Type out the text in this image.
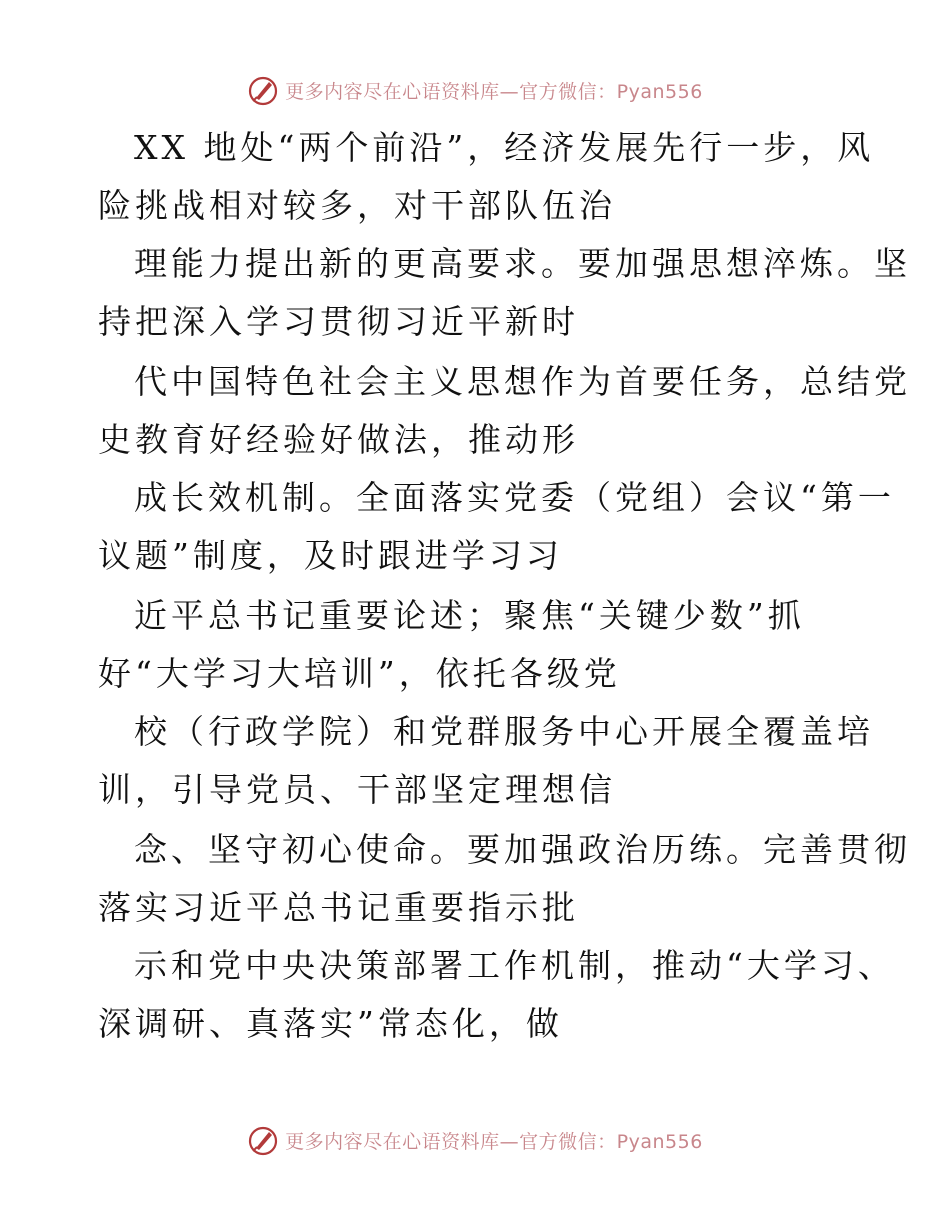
更多内容尽在心语资料库—官方微信：Pyan556
XX 地处“两个前沿”，经济发展先行一步，风
险挑战相对较多，对干部队伍治
理能力提出新的更高要求。要加强思想淬炼。坚
持把深入学习贯彻习近平新时
代中国特色社会主义思想作为首要任务，总结党
史教育好经验好做法，推动形
成长效机制。全面落实党委（党组）会议“第一
议题”制度，及时跟进学习习
近平总书记重要论述；聚焦“关键少数”抓
好“大学习大培训”，依托各级党
校（行政学院）和党群服务中心开展全覆盖培
训，引导党员、干部坚定理想信
念、坚守初心使命。要加强政治历练。完善贯彻
落实习近平总书记重要指示批
示和党中央决策部署工作机制，推动“大学习、
深调研、真落实”常态化，做
更多内容尽在心语资料库—官方微信：Pyan556
